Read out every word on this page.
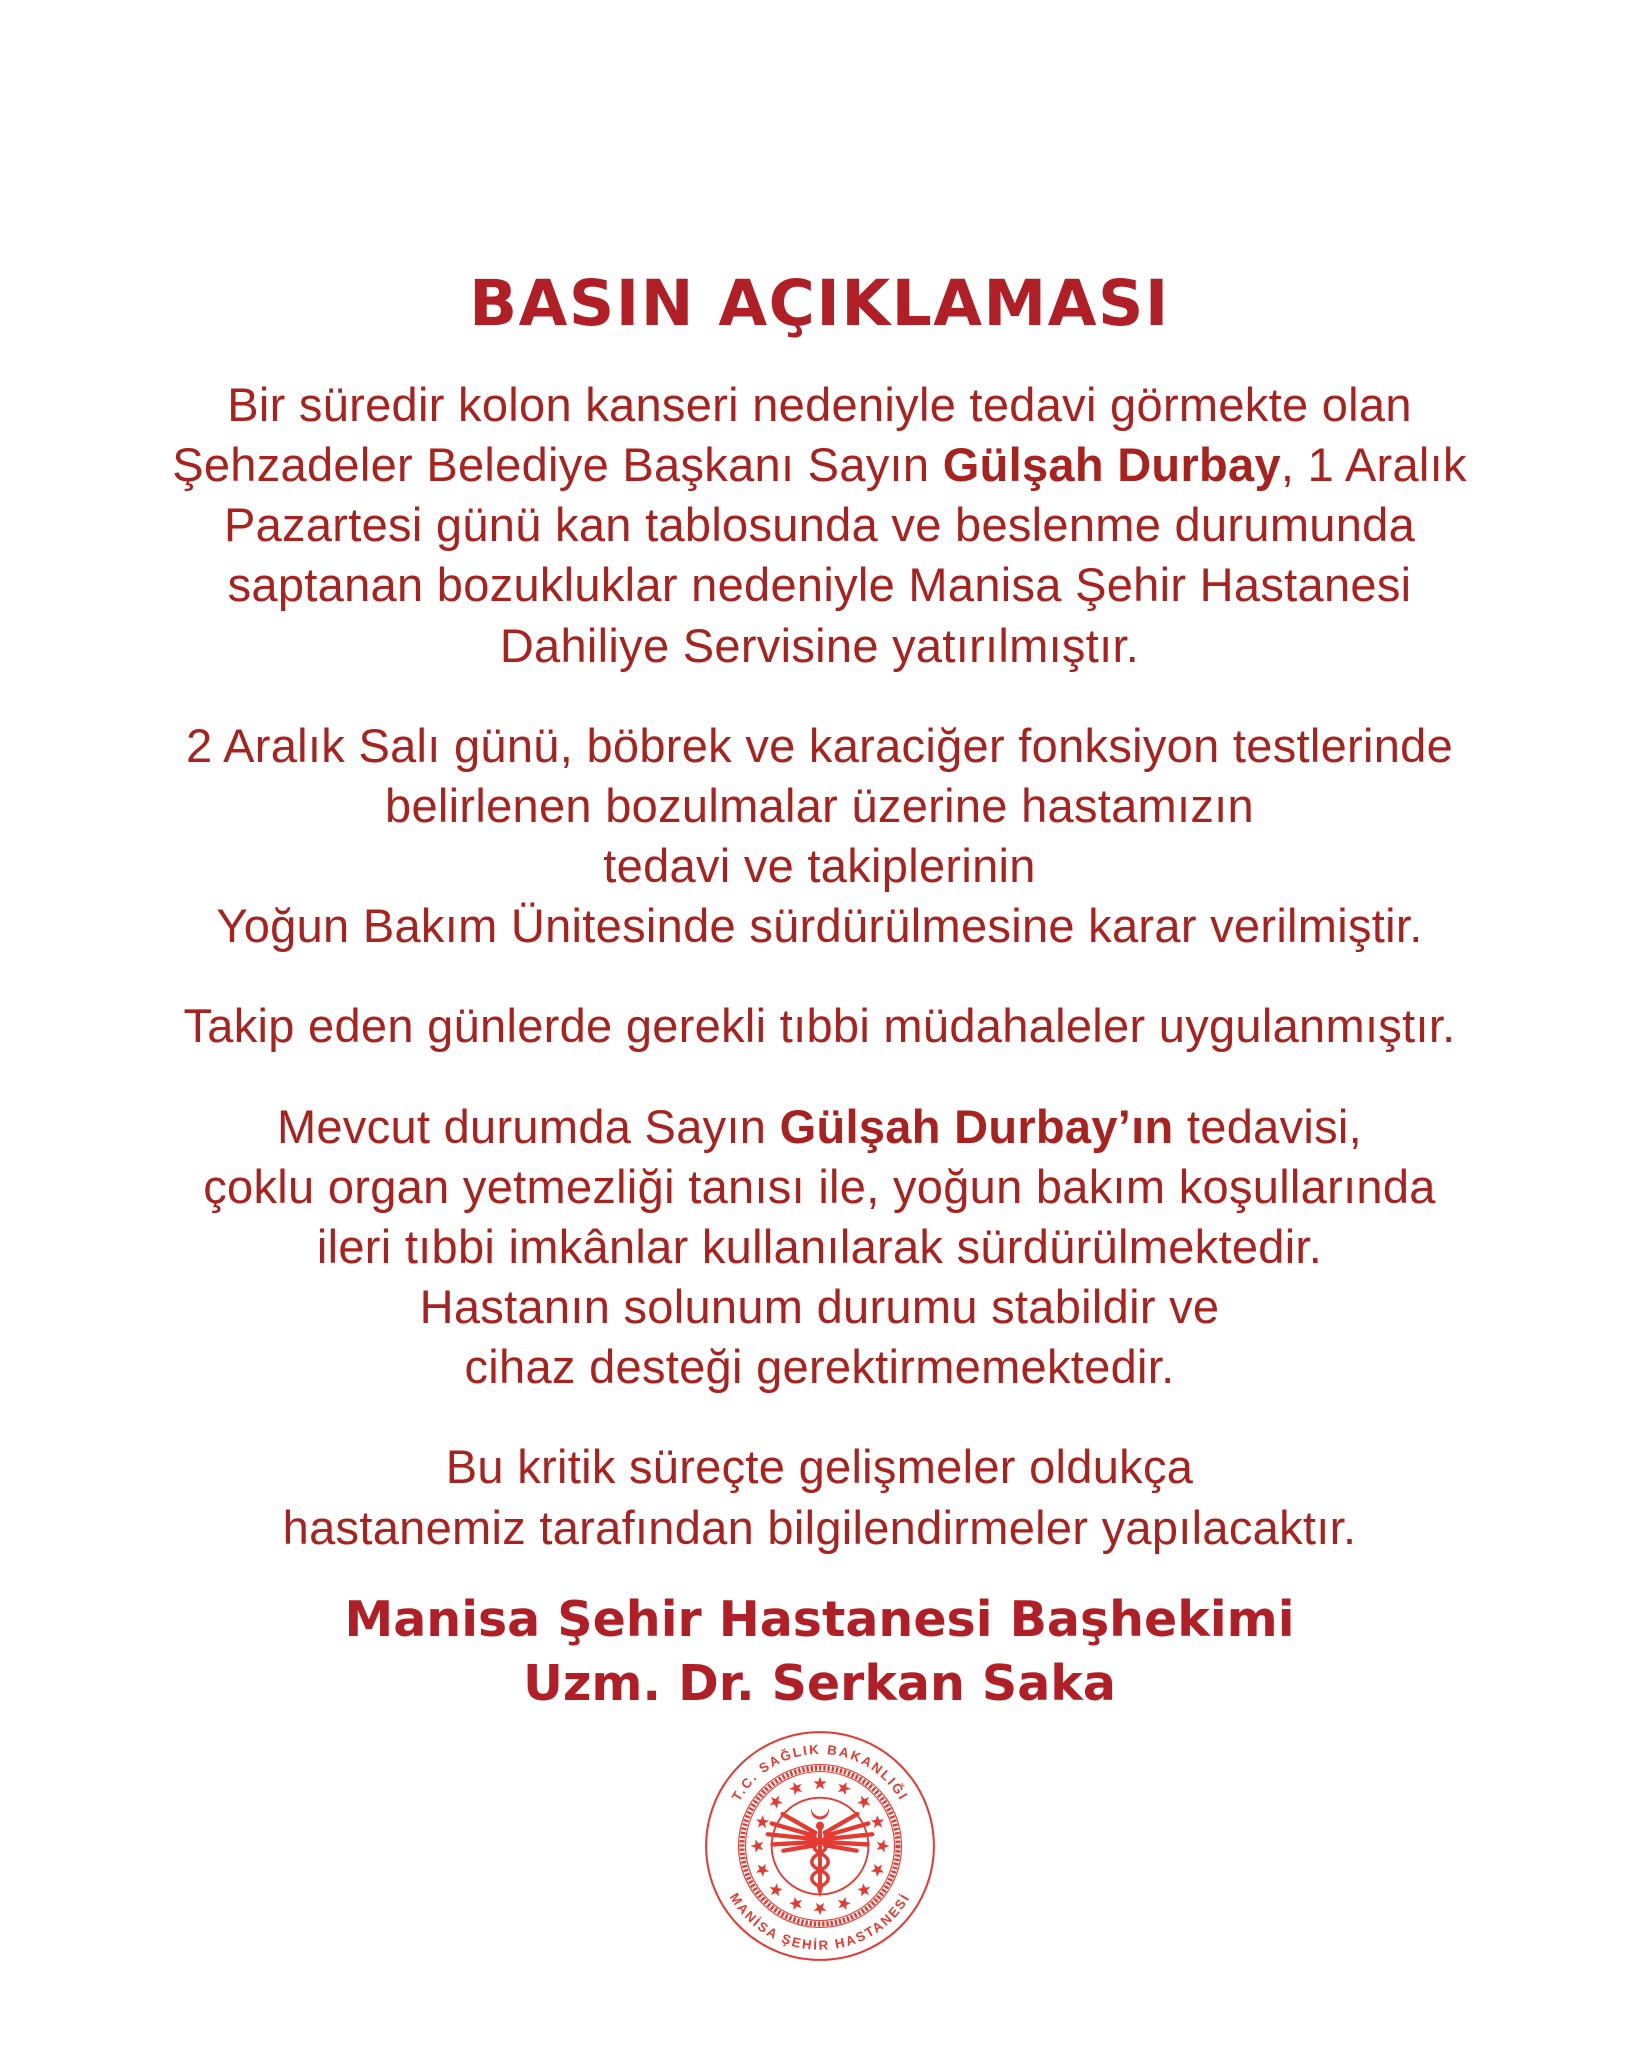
BASIN AÇIKLAMASI

Bir süredir kolon kanseri nedeniyle tedavi görmekte olan
Şehzadeler Belediye Başkanı Sayın Gülşah Durbay, 1 Aralık
Pazartesi günü kan tablosunda ve beslenme durumunda
saptanan bozukluklar nedeniyle Manisa Şehir Hastanesi
Dahiliye Servisine yatırılmıştır.

2 Aralık Salı günü, böbrek ve karaciğer fonksiyon testlerinde
belirlenen bozulmalar üzerine hastamızın
tedavi ve takiplerinin
Yoğun Bakım Ünitesinde sürdürülmesine karar verilmiştir.

Takip eden günlerde gerekli tıbbi müdahaleler uygulanmıştır.

Mevcut durumda Sayın Gülşah Durbay’ın tedavisi,
çoklu organ yetmezliği tanısı ile, yoğun bakım koşullarında
ileri tıbbi imkânlar kullanılarak sürdürülmektedir.
Hastanın solunum durumu stabildir ve
cihaz desteği gerektirmemektedir.

Bu kritik süreçte gelişmeler oldukça
hastanemiz tarafından bilgilendirmeler yapılacaktır.

Manisa Şehir Hastanesi Başhekimi
Uzm. Dr. Serkan Saka
T.C. SAĞLIK BAKANLIĞI
MANİSA ŞEHİR HASTANESİ
